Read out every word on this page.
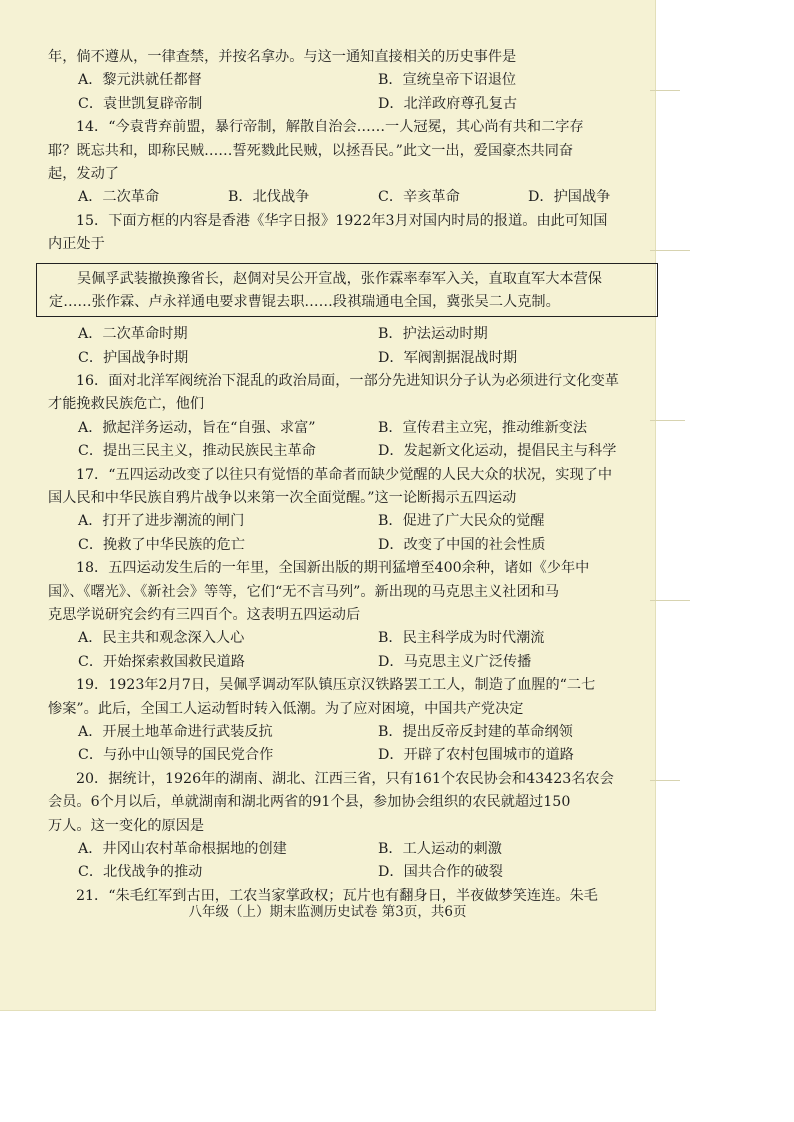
年，倘不遵从，一律查禁，并按名拿办。与这一通知直接相关的历史事件是
A．黎元洪就任都督	B．宣统皇帝下诏退位
C．袁世凯复辟帝制	D．北洋政府尊孔复古
14．“今袁背弃前盟，暴行帝制，解散自治会……一人冠冕，其心尚有共和二字存
耶？既忘共和，即称民贼……誓死戮此民贼，以拯吾民。”此文一出，爱国豪杰共同奋
起，发动了
A．二次革命	B．北伐战争	C．辛亥革命	D．护国战争
15．下面方框的内容是香港《华字日报》1922年3月对国内时局的报道。由此可知国
内正处于
吴佩孚武装撤换豫省长，赵倜对吴公开宣战，张作霖率奉军入关，直取直军大本营保
定……张作霖、卢永祥通电要求曹锟去职……段祺瑞通电全国，冀张吴二人克制。
A．二次革命时期	B．护法运动时期
C．护国战争时期	D．军阀割据混战时期
16．面对北洋军阀统治下混乱的政治局面，一部分先进知识分子认为必须进行文化变革
才能挽救民族危亡，他们
A．掀起洋务运动，旨在“自强、求富”	B．宣传君主立宪，推动维新变法
C．提出三民主义，推动民族民主革命	D．发起新文化运动，提倡民主与科学
17．“五四运动改变了以往只有觉悟的革命者而缺少觉醒的人民大众的状况，实现了中
国人民和中华民族自鸦片战争以来第一次全面觉醒。”这一论断揭示五四运动
A．打开了进步潮流的闸门	B．促进了广大民众的觉醒
C．挽救了中华民族的危亡	D．改变了中国的社会性质
18．五四运动发生后的一年里，全国新出版的期刊猛增至400余种，诸如《少年中
国》、《曙光》、《新社会》等等，它们“无不言马列”。新出现的马克思主义社团和马
克思学说研究会约有三四百个。这表明五四运动后
A．民主共和观念深入人心	B．民主科学成为时代潮流
C．开始探索救国救民道路	D．马克思主义广泛传播
19．1923年2月7日，吴佩孚调动军队镇压京汉铁路罢工工人，制造了血腥的“二七
惨案”。此后，全国工人运动暂时转入低潮。为了应对困境，中国共产党决定
A．开展土地革命进行武装反抗	B．提出反帝反封建的革命纲领
C．与孙中山领导的国民党合作	D．开辟了农村包围城市的道路
20．据统计，1926年的湖南、湖北、江西三省，只有161个农民协会和43423名农会
会员。6个月以后，单就湖南和湖北两省的91个县，参加协会组织的农民就超过150
万人。这一变化的原因是
A．井冈山农村革命根据地的创建	B．工人运动的刺激
C．北伐战争的推动	D．国共合作的破裂
21．“朱毛红军到古田，工农当家掌政权；瓦片也有翻身日，半夜做梦笑连连。朱毛
八年级（上）期末监测历史试卷 第3页，共6页
